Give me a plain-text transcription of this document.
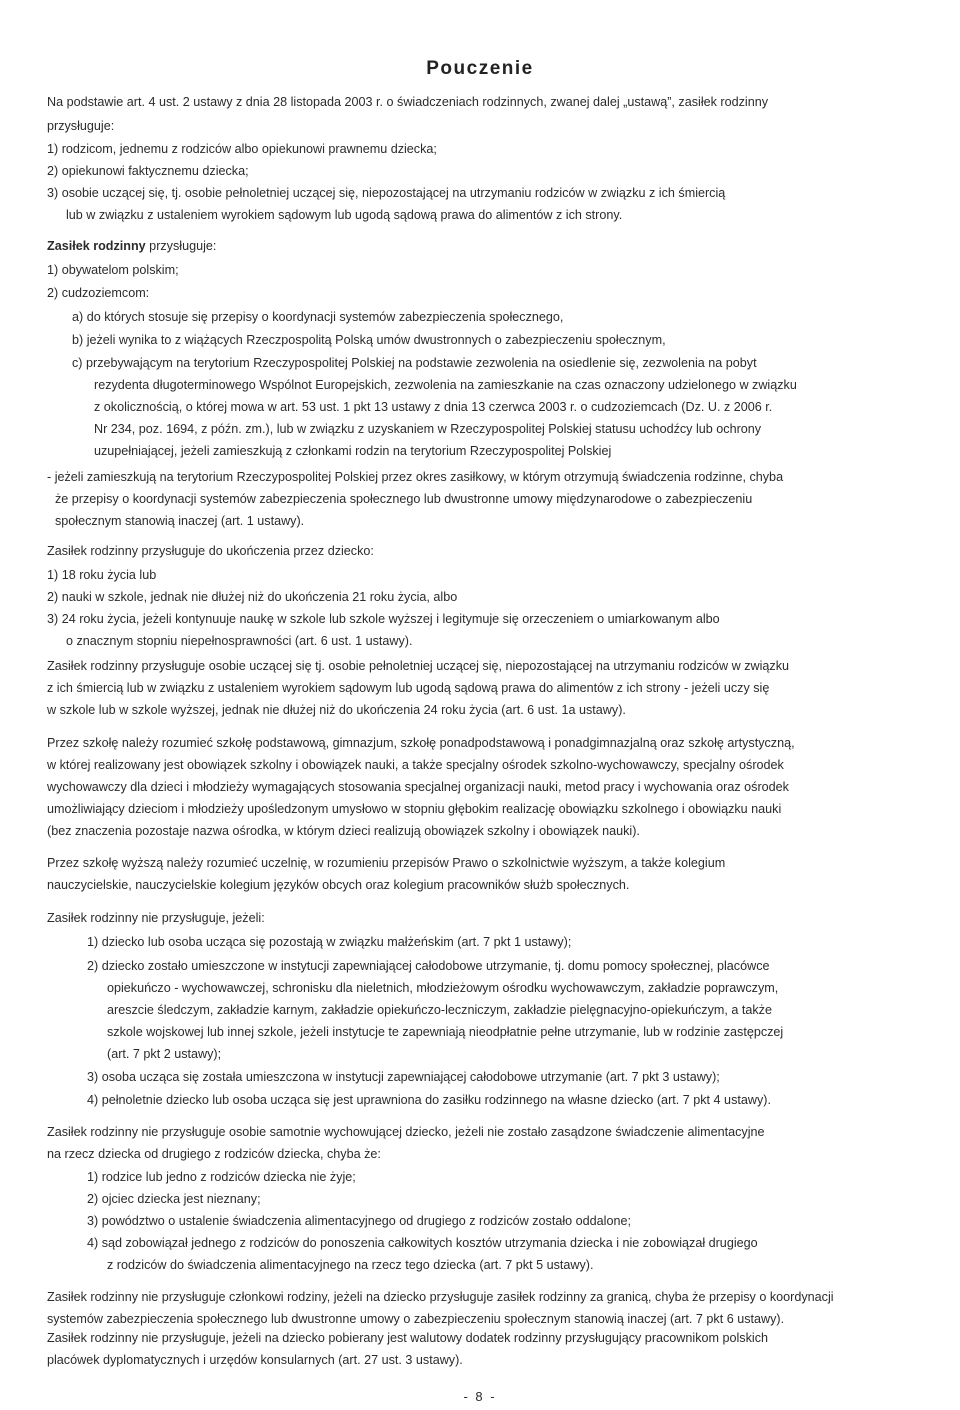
Pouczenie
Na podstawie art. 4 ust. 2 ustawy z dnia 28 listopada 2003 r. o świadczeniach rodzinnych, zwanej dalej „ustawą”, zasiłek rodzinny
przysługuje:
1) rodzicom, jednemu z rodziców albo opiekunowi prawnemu dziecka;
2) opiekunowi faktycznemu dziecka;
3) osobie uczącej się, tj. osobie pełnoletniej uczącej się, niepozostającej na utrzymaniu rodziców w związku z ich śmiercią
lub w związku z ustaleniem wyrokiem sądowym lub ugodą sądową prawa do alimentów z ich strony.
Zasiłek rodzinny przysługuje:
1) obywatelom polskim;
2) cudzoziemcom:
a) do których stosuje się przepisy o koordynacji systemów zabezpieczenia społecznego,
b) jeżeli wynika to z wiążących Rzeczpospolitą Polską umów dwustronnych o zabezpieczeniu społecznym,
c) przebywającym na terytorium Rzeczypospolitej Polskiej na podstawie zezwolenia na osiedlenie się, zezwolenia na pobyt
rezydenta długoterminowego Wspólnot Europejskich, zezwolenia na zamieszkanie na czas oznaczony udzielonego w związku
z okolicznością, o której mowa w art. 53 ust. 1 pkt 13 ustawy z dnia 13 czerwca 2003 r. o cudzoziemcach (Dz. U. z 2006 r.
Nr 234, poz. 1694, z późn. zm.), lub w związku z uzyskaniem w Rzeczypospolitej Polskiej statusu uchodźcy lub ochrony
uzupełniającej, jeżeli zamieszkują z członkami rodzin na terytorium Rzeczypospolitej Polskiej
- jeżeli zamieszkują na terytorium Rzeczypospolitej Polskiej przez okres zasiłkowy, w którym otrzymują świadczenia rodzinne, chyba
że przepisy o koordynacji systemów zabezpieczenia społecznego lub dwustronne umowy międzynarodowe o zabezpieczeniu
społecznym stanowią inaczej (art. 1 ustawy).
Zasiłek rodzinny przysługuje do ukończenia przez dziecko:
1) 18 roku życia lub
2) nauki w szkole, jednak nie dłużej niż do ukończenia 21 roku życia, albo
3) 24 roku życia, jeżeli kontynuuje naukę w szkole lub szkole wyższej i legitymuje się orzeczeniem o umiarkowanym albo
o znacznym stopniu niepełnosprawności (art. 6 ust. 1 ustawy).
Zasiłek rodzinny przysługuje osobie uczącej się tj. osobie pełnoletniej uczącej się, niepozostającej na utrzymaniu rodziców w związku
z ich śmiercią lub w związku z ustaleniem wyrokiem sądowym lub ugodą sądową prawa do alimentów z ich strony - jeżeli uczy się
w szkole lub w szkole wyższej, jednak nie dłużej niż do ukończenia 24 roku życia (art. 6 ust. 1a ustawy).
Przez szkołę należy rozumieć szkołę podstawową, gimnazjum, szkołę ponadpodstawową i ponadgimnazjalną oraz szkołę artystyczną,
w której realizowany jest obowiązek szkolny i obowiązek nauki, a także specjalny ośrodek szkolno-wychowawczy, specjalny ośrodek
wychowawczy dla dzieci i młodzieży wymagających stosowania specjalnej organizacji nauki, metod pracy i wychowania oraz ośrodek
umożliwiający dzieciom i młodzieży upośledzonym umysłowo w stopniu głębokim realizację obowiązku szkolnego i obowiązku nauki
(bez znaczenia pozostaje nazwa ośrodka, w którym dzieci realizują obowiązek szkolny i obowiązek nauki).
Przez szkołę wyższą należy rozumieć uczelnię, w rozumieniu przepisów Prawo o szkolnictwie wyższym, a także kolegium
nauczycielskie, nauczycielskie kolegium języków obcych oraz kolegium pracowników służb społecznych.
Zasiłek rodzinny nie przysługuje, jeżeli:
1) dziecko lub osoba ucząca się pozostają w związku małżeńskim (art. 7 pkt 1 ustawy);
2) dziecko zostało umieszczone w instytucji zapewniającej całodobowe utrzymanie, tj. domu pomocy społecznej, placówce
opiekuńczo - wychowawczej, schronisku dla nieletnich, młodzieżowym ośrodku wychowawczym, zakładzie poprawczym,
areszcie śledczym, zakładzie karnym, zakładzie opiekuńczo-leczniczym, zakładzie pielęgnacyjno-opiekuńczym, a także
szkole wojskowej lub innej szkole, jeżeli instytucje te zapewniają nieodpłatnie pełne utrzymanie, lub w rodzinie zastępczej
(art. 7 pkt 2 ustawy);
3) osoba ucząca się została umieszczona w instytucji zapewniającej całodobowe utrzymanie (art. 7 pkt 3 ustawy);
4) pełnoletnie dziecko lub osoba ucząca się jest uprawniona do zasiłku rodzinnego na własne dziecko (art. 7 pkt 4 ustawy).
Zasiłek rodzinny nie przysługuje osobie samotnie wychowującej dziecko, jeżeli nie zostało zasądzone świadczenie alimentacyjne
na rzecz dziecka od drugiego z rodziców dziecka, chyba że:
1) rodzice lub jedno z rodziców dziecka nie żyje;
2) ojciec dziecka jest nieznany;
3) powództwo o ustalenie świadczenia alimentacyjnego od drugiego z rodziców zostało oddalone;
4) sąd zobowiązał jednego z rodziców do ponoszenia całkowitych kosztów utrzymania dziecka i nie zobowiązał drugiego
z rodziców do świadczenia alimentacyjnego na rzecz tego dziecka (art. 7 pkt 5 ustawy).
Zasiłek rodzinny nie przysługuje członkowi rodziny, jeżeli na dziecko przysługuje zasiłek rodzinny za granicą, chyba że przepisy o koordynacji
systemów zabezpieczenia społecznego lub dwustronne umowy o zabezpieczeniu społecznym stanowią inaczej (art. 7 pkt 6 ustawy).
Zasiłek rodzinny nie przysługuje, jeżeli na dziecko pobierany jest walutowy dodatek rodzinny przysługujący pracownikom polskich
placówek dyplomatycznych i urzędów konsularnych (art. 27 ust. 3 ustawy).
- 8 -
